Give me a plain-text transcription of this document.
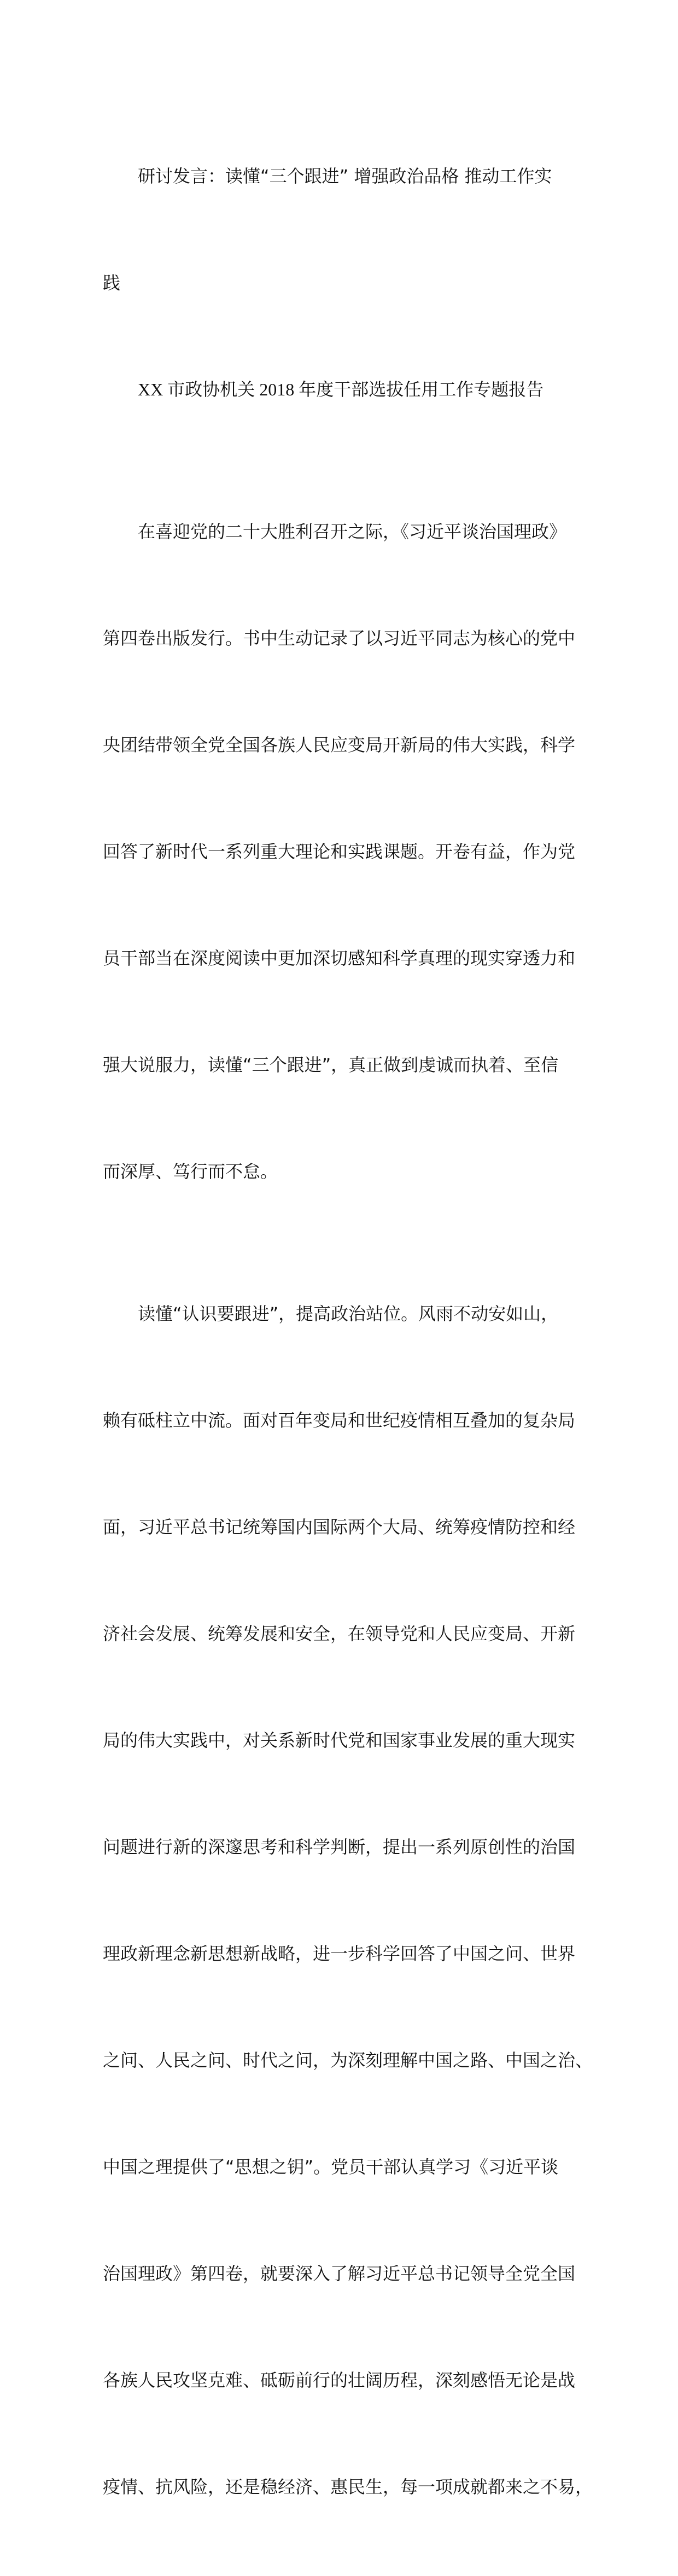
研讨发言：读懂“三个跟进” 增强政治品格 推动工作实

践

XX 市政协机关 2018 年度干部选拔任用工作专题报告

在喜迎党的二十大胜利召开之际，《习近平谈治国理政》

第四卷出版发行。书中生动记录了以习近平同志为核心的党中

央团结带领全党全国各族人民应变局开新局的伟大实践，科学

回答了新时代一系列重大理论和实践课题。开卷有益，作为党

员干部当在深度阅读中更加深切感知科学真理的现实穿透力和

强大说服力，读懂“三个跟进”，真正做到虔诚而执着、至信

而深厚、笃行而不怠。

读懂“认识要跟进”，提高政治站位。风雨不动安如山，

赖有砥柱立中流。面对百年变局和世纪疫情相互叠加的复杂局

面，习近平总书记统筹国内国际两个大局、统筹疫情防控和经

济社会发展、统筹发展和安全，在领导党和人民应变局、开新

局的伟大实践中，对关系新时代党和国家事业发展的重大现实

问题进行新的深邃思考和科学判断，提出一系列原创性的治国

理政新理念新思想新战略，进一步科学回答了中国之问、世界

之问、人民之问、时代之问，为深刻理解中国之路、中国之治、

中国之理提供了“思想之钥”。党员干部认真学习《习近平谈

治国理政》第四卷，就要深入了解习近平总书记领导全党全国

各族人民攻坚克难、砥砺前行的壮阔历程，深刻感悟无论是战

疫情、抗风险，还是稳经济、惠民生，每一项成就都来之不易，
